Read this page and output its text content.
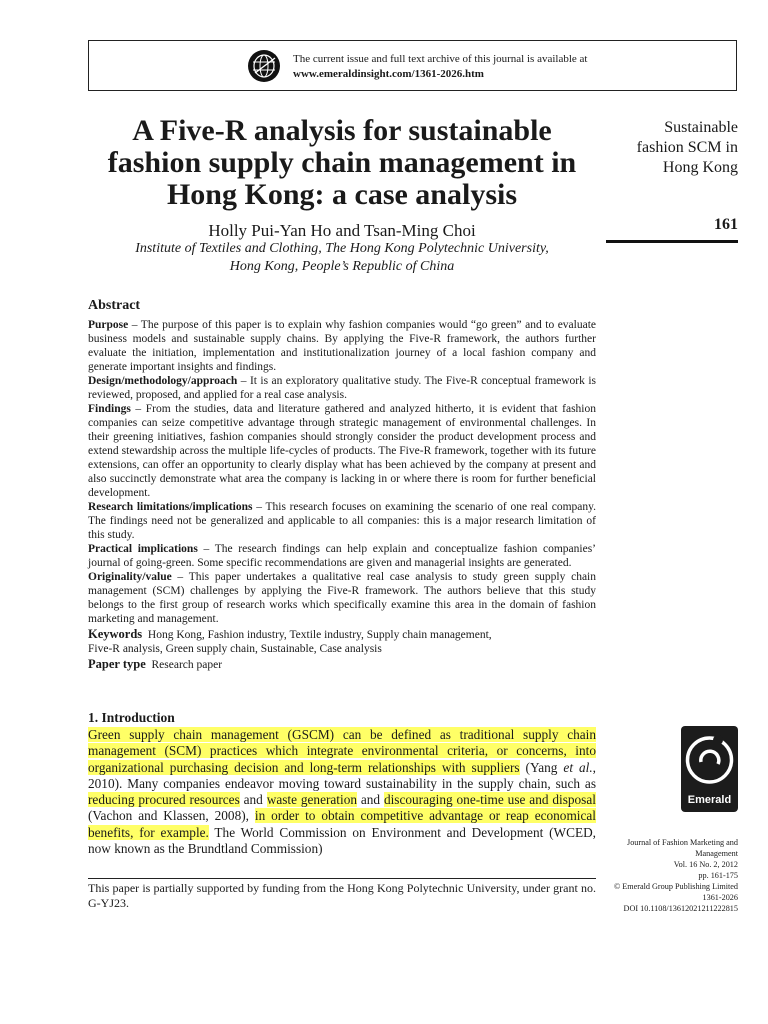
The current issue and full text archive of this journal is available at
www.emeraldinsight.com/1361-2026.htm
A Five-R analysis for sustainable fashion supply chain management in Hong Kong: a case analysis

Holly Pui-Yan Ho and Tsan-Ming Choi

Institute of Textiles and Clothing, The Hong Kong Polytechnic University,
Hong Kong, People’s Republic of China

Sustainable
fashion SCM in
Hong Kong
161
Abstract

Purpose – The purpose of this paper is to explain why fashion companies would “go green” and to evaluate business models and sustainable supply chains. By applying the Five-R framework, the authors further evaluate the initiation, implementation and institutionalization journey of a local fashion company and generate important insights and findings.

Design/methodology/approach – It is an exploratory qualitative study. The Five-R conceptual framework is reviewed, proposed, and applied for a real case analysis.

Findings – From the studies, data and literature gathered and analyzed hitherto, it is evident that fashion companies can seize competitive advantage through strategic management of environmental challenges. In their greening initiatives, fashion companies should strongly consider the product development process and extend stewardship across the multiple life-cycles of products. The Five-R framework, together with its future extensions, can offer an opportunity to clearly display what has been achieved by the company at present and also succinctly demonstrate what area the company is lacking in or where there is room for further beneficial development.

Research limitations/implications – This research focuses on examining the scenario of one real company. The findings need not be generalized and applicable to all companies: this is a major research limitation of this study.

Practical implications – The research findings can help explain and conceptualize fashion companies’ journal of going-green. Some specific recommendations are given and managerial insights are generated.

Originality/value – This paper undertakes a qualitative real case analysis to study green supply chain management (SCM) challenges by applying the Five-R framework. The authors believe that this study belongs to the first group of research works which specifically examine this area in the domain of fashion marketing and management.

Keywords Hong Kong, Fashion industry, Textile industry, Supply chain management,
Five-R analysis, Green supply chain, Sustainable, Case analysis

Paper type Research paper

1. Introduction
Green supply chain management (GSCM) can be defined as traditional supply chain management (SCM) practices which integrate environmental criteria, or concerns, into organizational purchasing decision and long-term relationships with suppliers (Yang et al., 2010). Many companies endeavor moving toward sustainability in the supply chain, such as reducing procured resources and waste generation and discouraging one-time use and disposal (Vachon and Klassen, 2008), in order to obtain competitive advantage or reap economical benefits, for example. The World Commission on Environment and Development (WCED, now known as the Brundtland Commission)
This paper is partially supported by funding from the Hong Kong Polytechnic University, under grant no. G-YJ23.
Emerald
Journal of Fashion Marketing and
Management
Vol. 16 No. 2, 2012
pp. 161-175
© Emerald Group Publishing Limited
1361-2026
DOI 10.1108/13612021211222815
